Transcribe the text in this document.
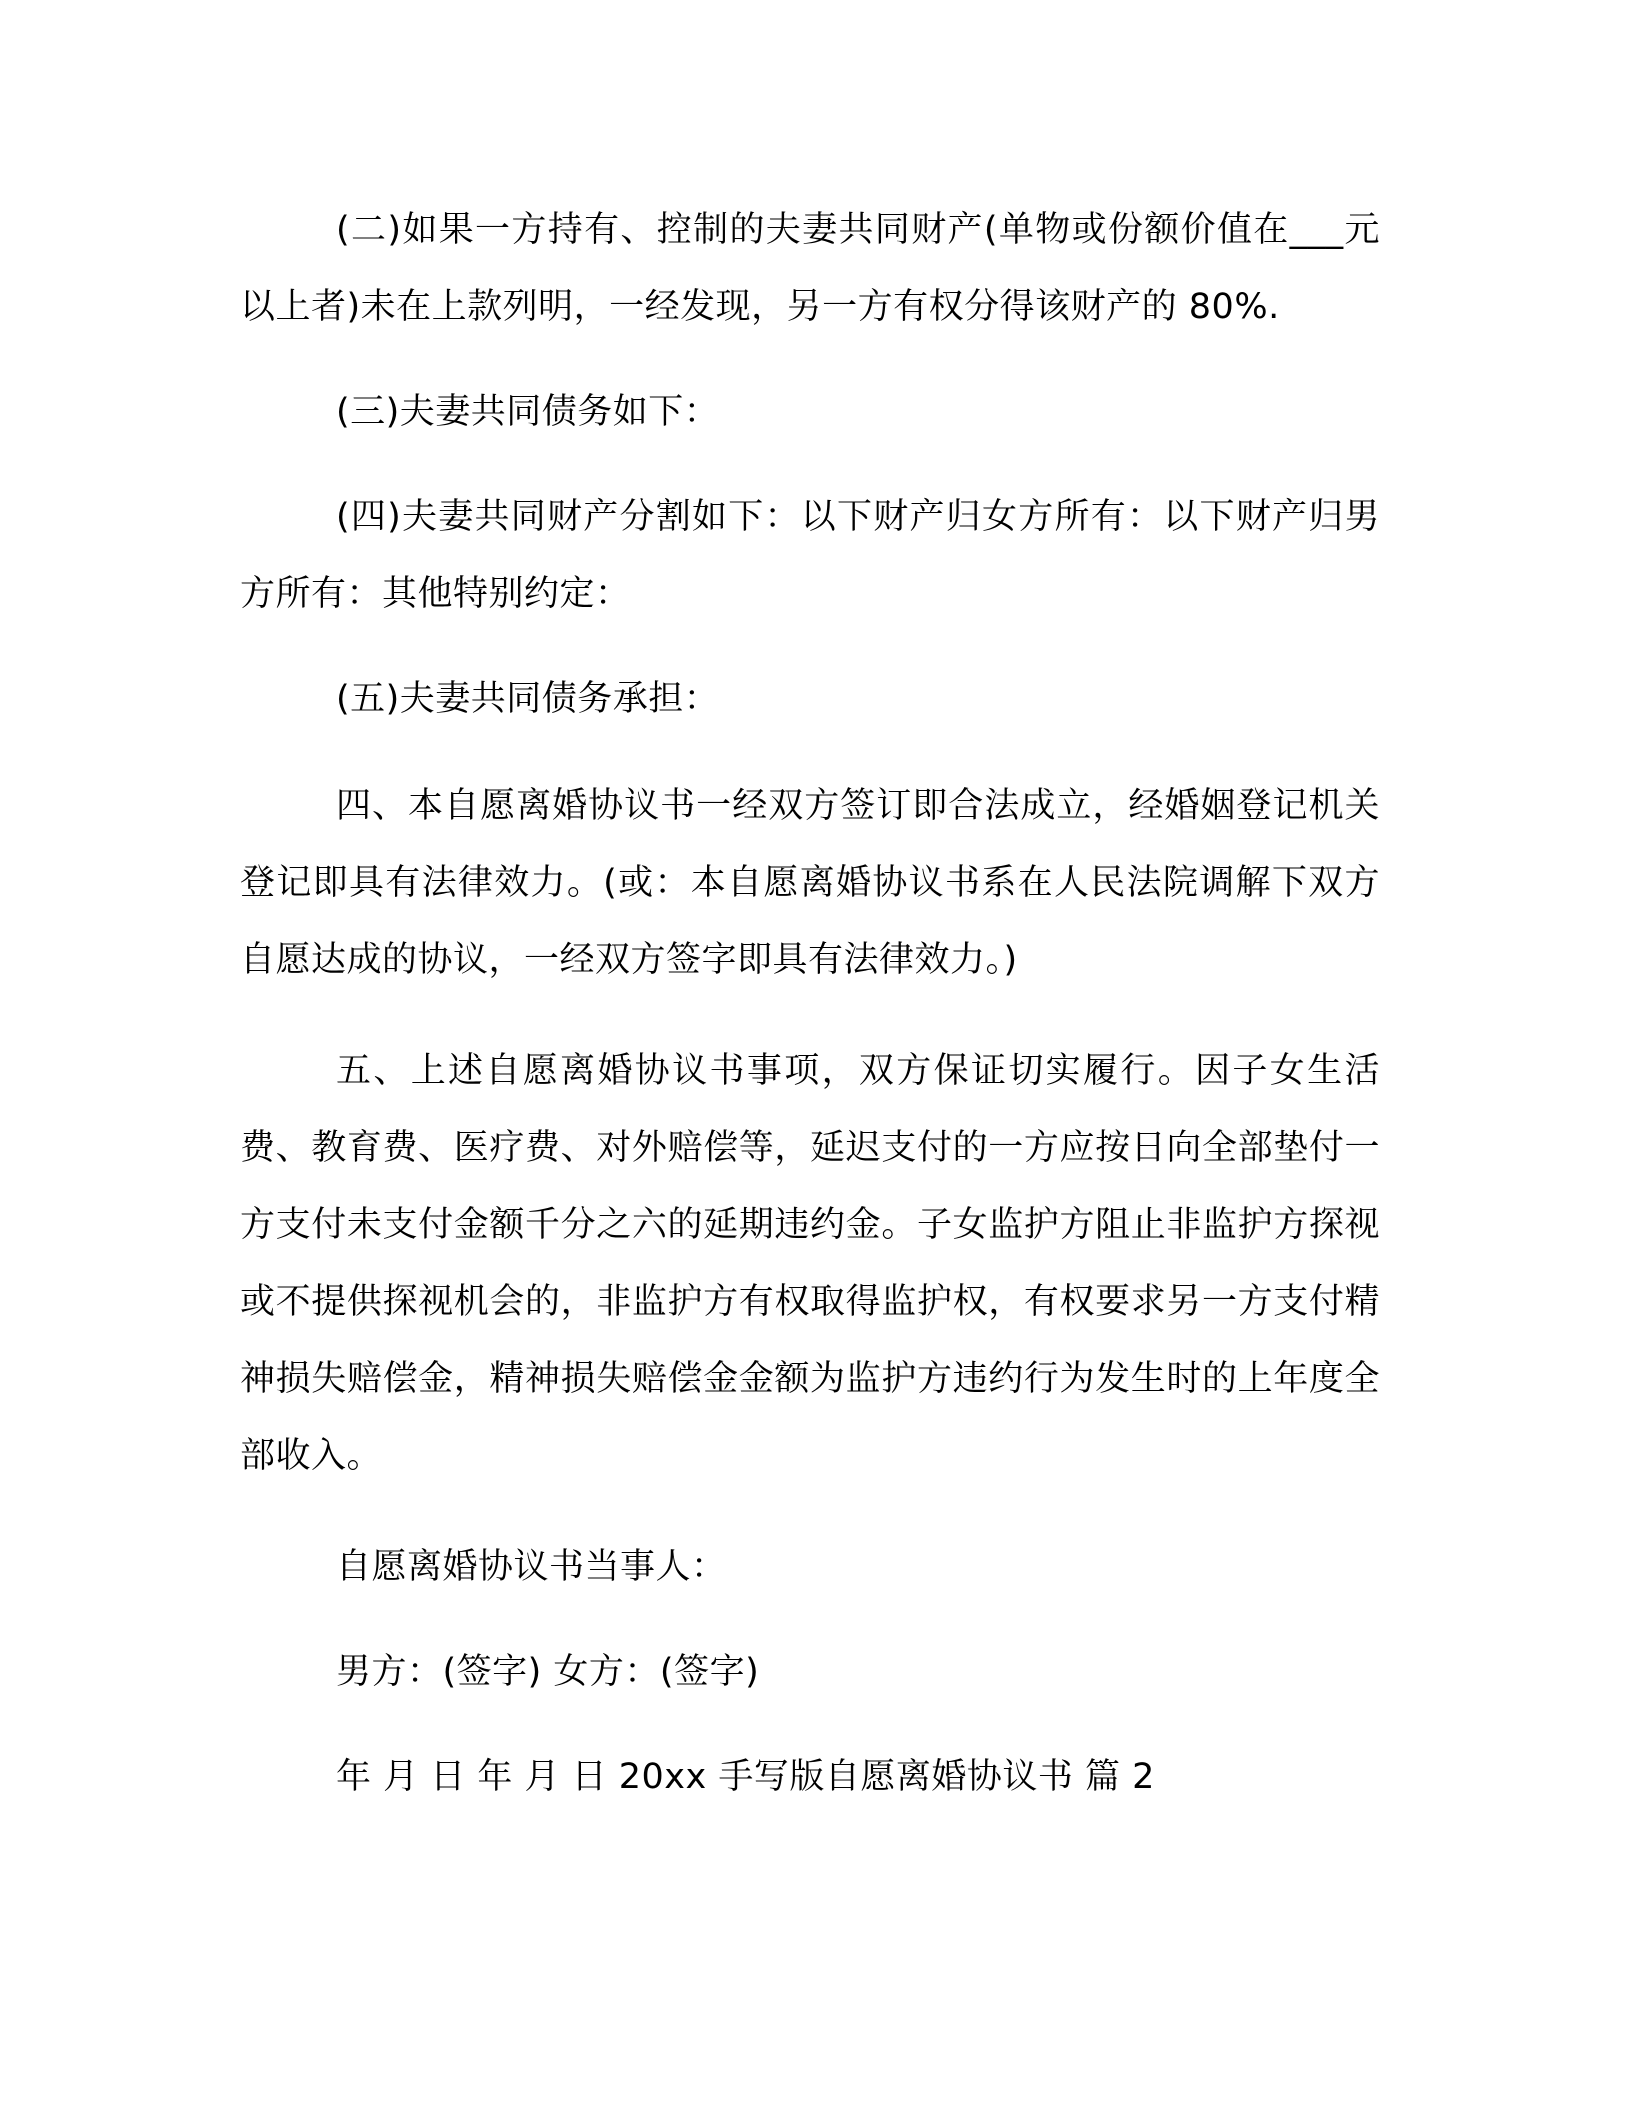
(二)如果一方持有、控制的夫妻共同财产(单物或份额价值在___元以上者)未在上款列明，一经发现，另一方有权分得该财产的 80%.

(三)夫妻共同债务如下：

(四)夫妻共同财产分割如下：以下财产归女方所有：以下财产归男方所有：其他特别约定：

(五)夫妻共同债务承担：

四、本自愿离婚协议书一经双方签订即合法成立，经婚姻登记机关登记即具有法律效力。(或：本自愿离婚协议书系在人民法院调解下双方自愿达成的协议，一经双方签字即具有法律效力。)

五、上述自愿离婚协议书事项，双方保证切实履行。因子女生活费、教育费、医疗费、对外赔偿等，延迟支付的一方应按日向全部垫付一方支付未支付金额千分之六的延期违约金。子女监护方阻止非监护方探视或不提供探视机会的，非监护方有权取得监护权，有权要求另一方支付精神损失赔偿金，精神损失赔偿金金额为监护方违约行为发生时的上年度全部收入。

自愿离婚协议书当事人：

男方：(签字) 女方：(签字)

年 月 日 年 月 日 20xx 手写版自愿离婚协议书 篇 2
